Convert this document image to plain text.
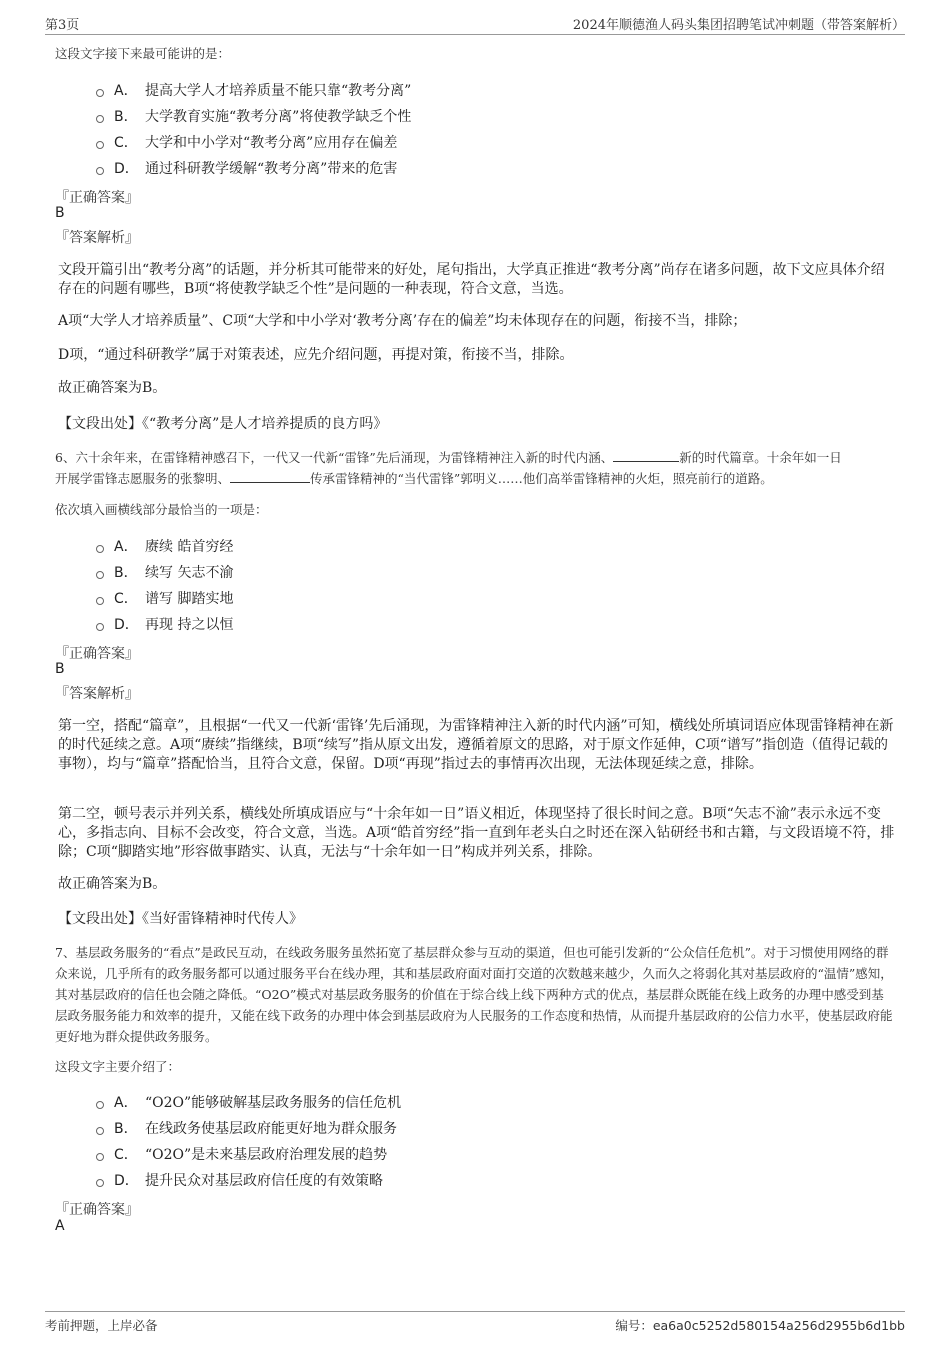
第3页	2024年顺德渔人码头集团招聘笔试冲刺题（带答案解析）
这段文字接下来最可能讲的是：
A． 提高大学人才培养质量不能只靠“教考分离”
B． 大学教育实施“教考分离”将使教学缺乏个性
C． 大学和中小学对“教考分离”应用存在偏差
D． 通过科研教学缓解“教考分离”带来的危害
『正确答案』
B
『答案解析』
文段开篇引出“教考分离”的话题，并分析其可能带来的好处，尾句指出，大学真正推进“教考分离”尚存在诸多问题，故下文应具体介绍存在的问题有哪些，B项“将使教学缺乏个性”是问题的一种表现，符合文意，当选。
A项“大学人才培养质量”、C项“大学和中小学对‘教考分离’存在的偏差”均未体现存在的问题，衔接不当，排除；
D项，“通过科研教学”属于对策表述，应先介绍问题，再提对策，衔接不当，排除。
故正确答案为B。
【文段出处】《“教考分离”是人才培养提质的良方吗》
6、六十余年来，在雷锋精神感召下，一代又一代新“雷锋”先后涌现，为雷锋精神注入新的时代内涵、	新的时代篇章。十余年如一日
开展学雷锋志愿服务的张黎明、	传承雷锋精神的“当代雷锋”郭明义……他们高举雷锋精神的火炬，照亮前行的道路。
依次填入画横线部分最恰当的一项是：
A． 赓续 皓首穷经
B． 续写 矢志不渝
C． 谱写 脚踏实地
D． 再现 持之以恒
『正确答案』
B
『答案解析』
第一空，搭配“篇章”，且根据“一代又一代新‘雷锋’先后涌现，为雷锋精神注入新的时代内涵”可知，横线处所填词语应体现雷锋精神在新的时代延续之意。A项“赓续”指继续，B项“续写”指从原文出发，遵循着原文的思路，对于原文作延伸，C项“谱写”指创造（值得记载的事物），均与“篇章”搭配恰当，且符合文意，保留。D项“再现”指过去的事情再次出现，无法体现延续之意，排除。
第二空，顿号表示并列关系，横线处所填成语应与“十余年如一日”语义相近，体现坚持了很长时间之意。B项“矢志不渝”表示永远不变心，多指志向、目标不会改变，符合文意，当选。A项“皓首穷经”指一直到年老头白之时还在深入钻研经书和古籍，与文段语境不符，排除；C项“脚踏实地”形容做事踏实、认真，无法与“十余年如一日”构成并列关系，排除。
故正确答案为B。
【文段出处】《当好雷锋精神时代传人》
7、基层政务服务的“看点”是政民互动，在线政务服务虽然拓宽了基层群众参与互动的渠道，但也可能引发新的“公众信任危机”。对于习惯使用网络的群众来说，几乎所有的政务服务都可以通过服务平台在线办理，其和基层政府面对面打交道的次数越来越少，久而久之将弱化其对基层政府的“温情”感知，其对基层政府的信任也会随之降低。“O2O”模式对基层政务服务的价值在于综合线上线下两种方式的优点，基层群众既能在线上政务的办理中感受到基层政务服务能力和效率的提升，又能在线下政务的办理中体会到基层政府为人民服务的工作态度和热情，从而提升基层政府的公信力水平，使基层政府能更好地为群众提供政务服务。
这段文字主要介绍了：
A． “O2O”能够破解基层政务服务的信任危机
B． 在线政务使基层政府能更好地为群众服务
C． “O2O”是未来基层政府治理发展的趋势
D． 提升民众对基层政府信任度的有效策略
『正确答案』
A
考前押题，上岸必备	编号：ea6a0c5252d580154a256d2955b6d1bb
